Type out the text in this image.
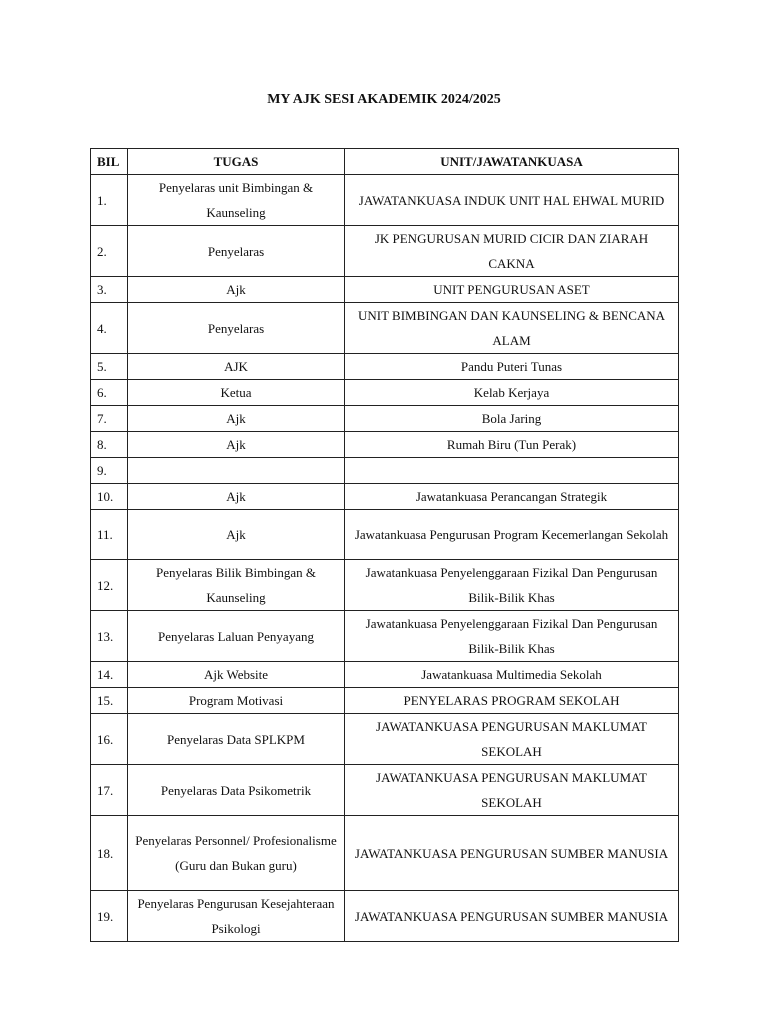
MY AJK SESI AKADEMIK 2024/2025
BIL	TUGAS	UNIT/JAWATANKUASA
1.	Penyelaras unit Bimbingan & Kaunseling	JAWATANKUASA INDUK UNIT HAL EHWAL MURID
2.	Penyelaras	JK PENGURUSAN MURID CICIR DAN ZIARAH CAKNA
3.	Ajk	UNIT PENGURUSAN ASET
4.	Penyelaras	UNIT BIMBINGAN DAN KAUNSELING & BENCANA ALAM
5.	AJK	Pandu Puteri Tunas
6.	Ketua	Kelab Kerjaya
7.	Ajk	Bola Jaring
8.	Ajk	Rumah Biru (Tun Perak)
9.		
10.	Ajk	Jawatankuasa Perancangan Strategik
11.	Ajk	Jawatankuasa Pengurusan Program Kecemerlangan Sekolah
12.	Penyelaras Bilik Bimbingan & Kaunseling	Jawatankuasa Penyelenggaraan Fizikal Dan Pengurusan Bilik-Bilik Khas
13.	Penyelaras Laluan Penyayang	Jawatankuasa Penyelenggaraan Fizikal Dan Pengurusan Bilik-Bilik Khas
14.	Ajk Website	Jawatankuasa Multimedia Sekolah
15.	Program Motivasi	PENYELARAS PROGRAM SEKOLAH
16.	Penyelaras Data SPLKPM	JAWATANKUASA PENGURUSAN MAKLUMAT SEKOLAH
17.	Penyelaras Data Psikometrik	JAWATANKUASA PENGURUSAN MAKLUMAT SEKOLAH
18.	Penyelaras Personnel/ Profesionalisme (Guru dan Bukan guru)	JAWATANKUASA PENGURUSAN SUMBER MANUSIA
19.	Penyelaras Pengurusan Kesejahteraan Psikologi	JAWATANKUASA PENGURUSAN SUMBER MANUSIA
